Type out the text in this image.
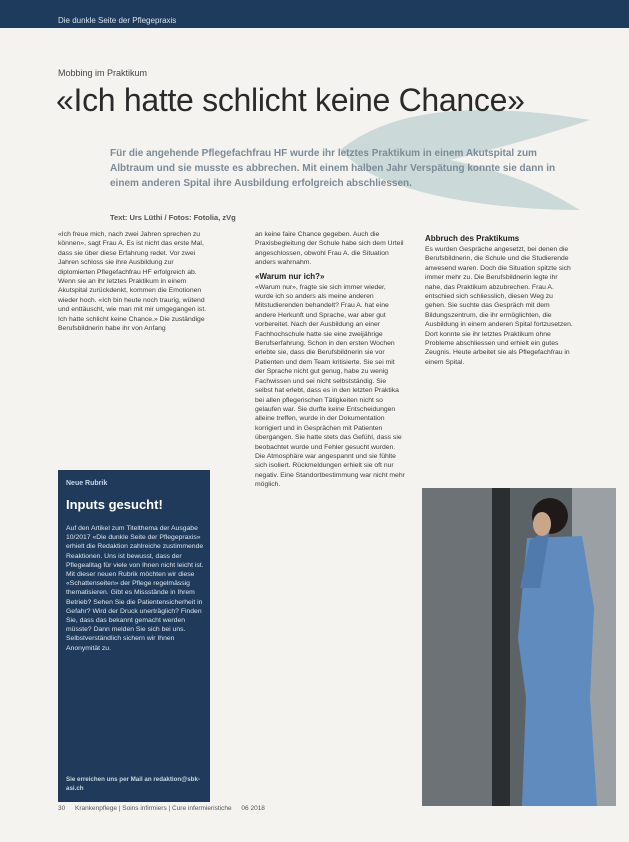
Die dunkle Seite der Pflegepraxis
Mobbing im Praktikum
«Ich hatte schlicht keine Chance»
Für die angehende Pflegefachfrau HF wurde ihr letztes Praktikum in einem Akutspital zum Albtraum und sie musste es abbrechen. Mit einem halben Jahr Verspätung konnte sie dann in einem anderen Spital ihre Ausbildung erfolgreich abschliessen.
Text: Urs Lüthi / Fotos: Fotolia, zVg

«Ich freue mich, nach zwei Jahren sprechen zu können», sagt Frau A. Es ist nicht das erste Mal, dass sie über diese Erfahrung redet. Vor zwei Jahren schloss sie ihre Ausbildung zur diplomierten Pflegefachfrau HF erfolgreich ab. Wenn sie an ihr letztes Praktikum in einem Akutspital zurückdenkt, kommen die Emotionen wieder hoch. «Ich bin heute noch traurig, wütend und enttäuscht, wie man mit mir umgegangen ist. Ich hatte schlicht keine Chance.» Die zuständige Berufsbildnerin habe ihr von Anfang

an keine faire Chance gegeben. Auch die Praxisbegleitung der Schule habe sich dem Urteil angeschlossen, obwohl Frau A. die Situation anders wahrnahm.

«Warum nur ich?»

«Warum nur», fragte sie sich immer wieder, wurde ich so anders als meine anderen Mitstudierenden behandelt? Frau A. hat eine andere Herkunft und Sprache, war aber gut vorbereitet. Nach der Ausbildung an einer Fachhochschule hatte sie eine zweijährige Berufserfahrung. Schon in den ersten Wochen erlebte sie, dass die Berufsbildnerin sie vor Patienten und dem Team kritisierte. Sie sei mit der Sprache nicht gut genug, habe zu wenig Fachwissen und sei nicht selbstständig. Sie selbst hat erlebt, dass es in den letzten Praktika bei allen pflegerischen Tätigkeiten nicht so gelaufen war. Sie durfte keine Entscheidungen alleine treffen, wurde in der Dokumentation korrigiert und in Gesprächen mit Patienten übergangen. Sie hatte stets das Gefühl, dass sie beobachtet wurde und Fehler gesucht wurden. Die Atmosphäre war angespannt und sie fühlte sich isoliert. Rückmeldungen erhielt sie oft nur negativ. Eine Standortbestimmung war nicht mehr möglich.

Abbruch des Praktikums

Es wurden Gespräche angesetzt, bei denen die Berufsbildnerin, die Schule und die Studierende anwesend waren. Doch die Situation spitzte sich immer mehr zu. Die Berufsbildnerin legte ihr nahe, das Praktikum abzubrechen. Frau A. entschied sich schliesslich, diesen Weg zu gehen. Sie suchte das Gespräch mit dem Bildungszentrum, die ihr ermöglichten, die Ausbildung in einem anderen Spital fortzusetzen. Dort konnte sie ihr letztes Praktikum ohne Probleme abschliessen und erhielt ein gutes Zeugnis. Heute arbeitet sie als Pflegefachfrau in einem Spital.

Neue Rubrik
Inputs gesucht!
Auf den Artikel zum Titelthema der Ausgabe 10/2017 «Die dunkle Seite der Pflegepraxis» erhielt die Redaktion zahlreiche zustimmende Reaktionen. Uns ist bewusst, dass der Pflegealltag für viele von Ihnen nicht leicht ist. Mit dieser neuen Rubrik möchten wir diese «Schattenseiten» der Pflege regelmässig thematisieren. Gibt es Missstände in Ihrem Betrieb? Sehen Sie die Patientensicherheit in Gefahr? Wird der Druck unerträglich? Finden Sie, dass das bekannt gemacht werden müsste? Dann melden Sie sich bei uns. Selbstverständlich sichern wir Ihnen Anonymität zu.
Sie erreichen uns per Mail an redaktion@sbk-asi.ch
30 Krankenpflege | Soins infirmiers | Cure infermieristiche 06 2018
